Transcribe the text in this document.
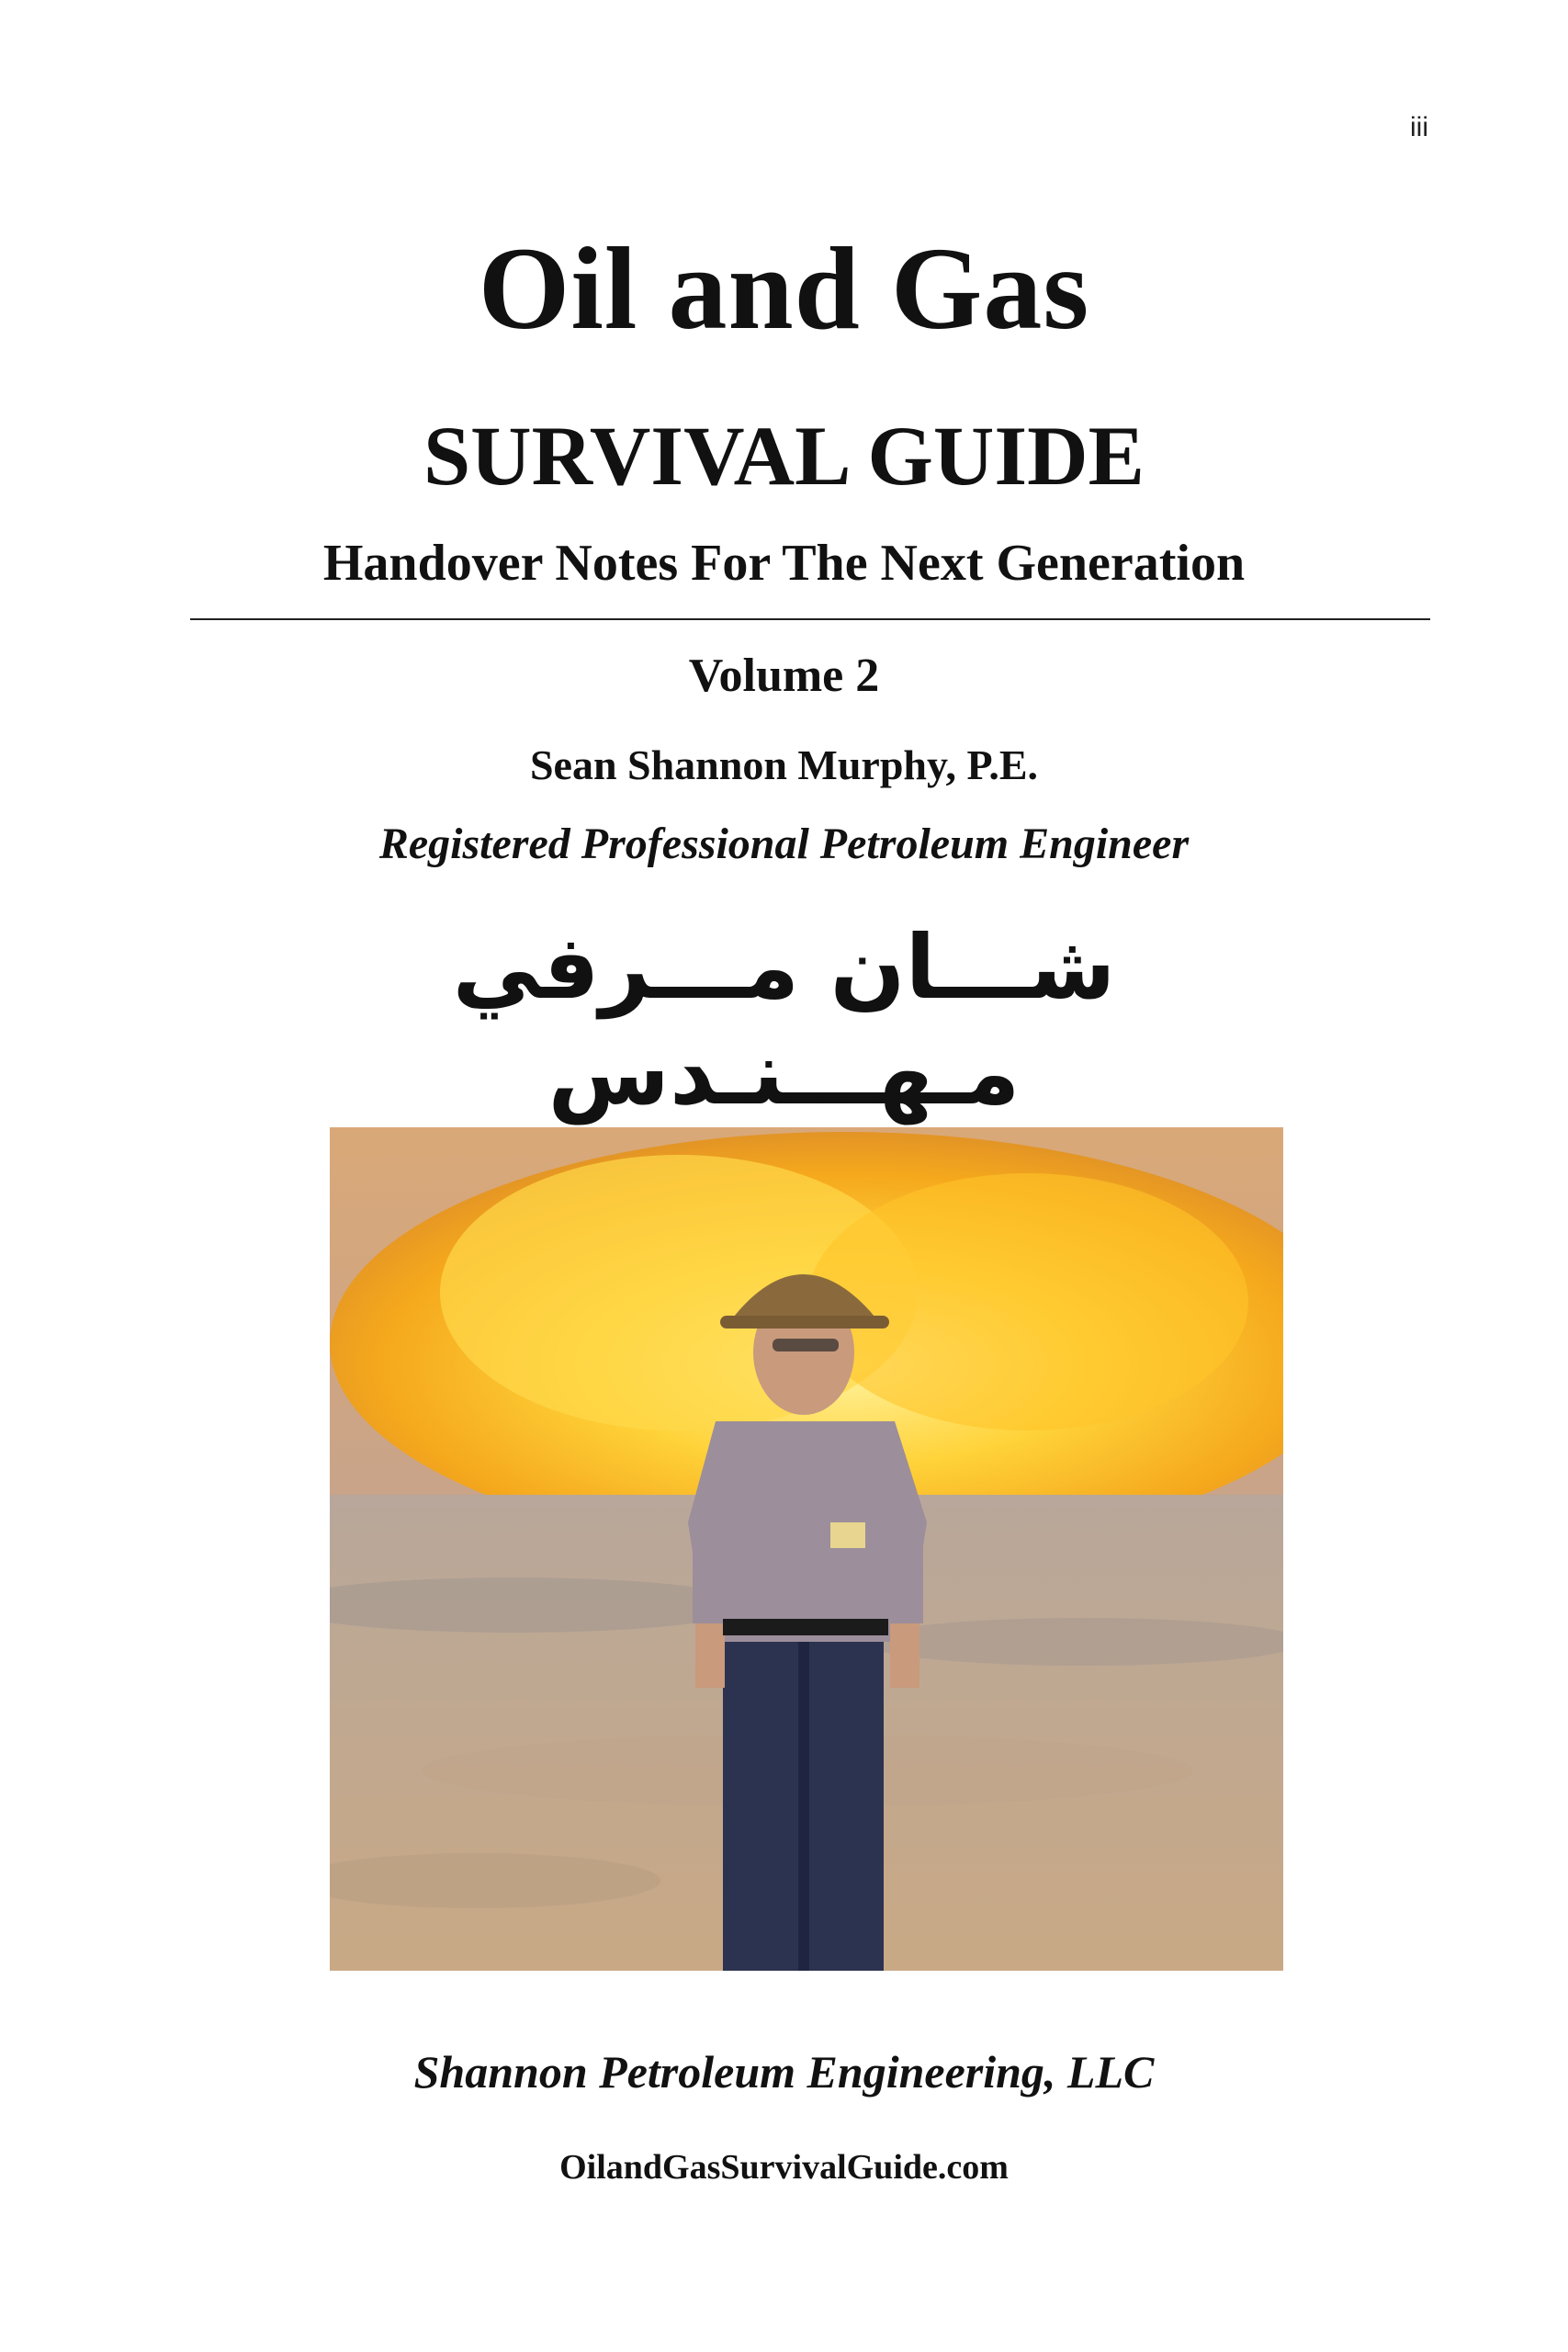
iii
Oil and Gas
SURVIVAL GUIDE
Handover Notes For The Next Generation
Volume 2
Sean Shannon Murphy, P.E.
Registered Professional Petroleum Engineer
شـــان مـــرفي
مـهـــنـدس
Shannon Petroleum Engineering, LLC
OilandGasSurvivalGuide.com
